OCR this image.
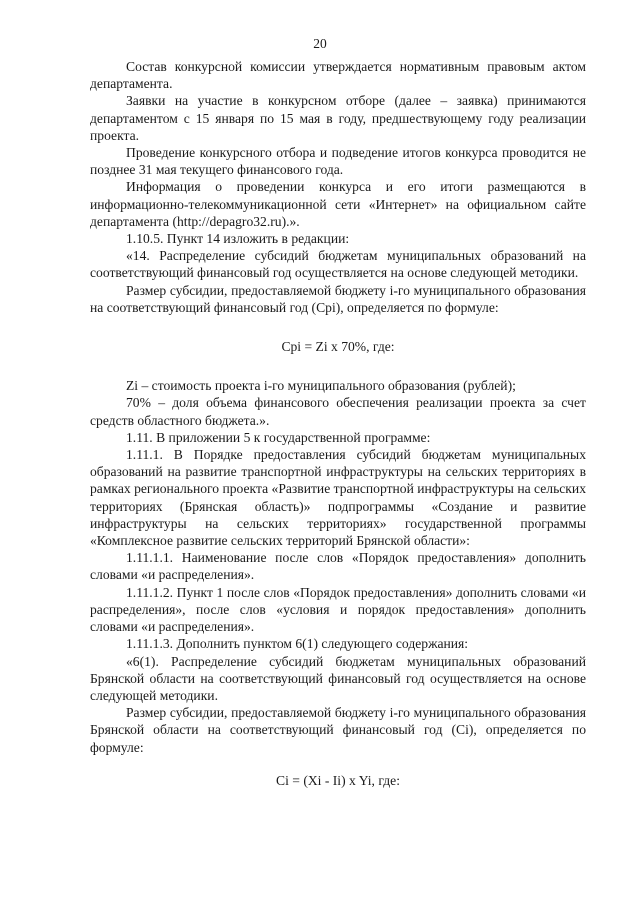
20

Состав конкурсной комиссии утверждается нормативным правовым актом департамента.

Заявки на участие в конкурсном отборе (далее – заявка) принимаются департаментом с 15 января по 15 мая в году, предшествующему году реализации проекта.

Проведение конкурсного отбора и подведение итогов конкурса проводится не позднее 31 мая текущего финансового года.

Информация о проведении конкурса и его итоги размещаются в информационно-телекоммуникационной сети «Интернет» на официальном сайте департамента (http://depagro32.ru).».

1.10.5. Пункт 14 изложить в редакции:

«14. Распределение субсидий бюджетам муниципальных образований на соответствующий финансовый год осуществляется на основе следующей методики.

Размер субсидии, предоставляемой бюджету i-го муниципального образования на соответствующий финансовый год (Срi), определяется по формуле:

Срi = Zi x 70%, где:

Zi – стоимость проекта i-го муниципального образования (рублей);

70% – доля объема финансового обеспечения реализации проекта за счет средств областного бюджета.».

1.11. В приложении 5 к государственной программе:

1.11.1. В Порядке предоставления субсидий бюджетам муниципальных образований на развитие транспортной инфраструктуры на сельских территориях в рамках регионального проекта «Развитие транспортной инфраструктуры на сельских территориях (Брянская область)» подпрограммы «Создание и развитие инфраструктуры на сельских территориях» государственной программы «Комплексное развитие сельских территорий Брянской области»:

1.11.1.1. Наименование после слов «Порядок предоставления» дополнить словами «и распределения».

1.11.1.2. Пункт 1 после слов «Порядок предоставления» дополнить словами «и распределения», после слов «условия и порядок предоставления» дополнить словами «и распределения».

1.11.1.3. Дополнить пунктом 6(1) следующего содержания:

«6(1). Распределение субсидий бюджетам муниципальных образований Брянской области на соответствующий финансовый год осуществляется на основе следующей методики.

Размер субсидии, предоставляемой бюджету i-го муниципального образования Брянской области на соответствующий финансовый год (Ci), определяется по формуле:

Ci = (Xi - Ii) x Yi, где:
